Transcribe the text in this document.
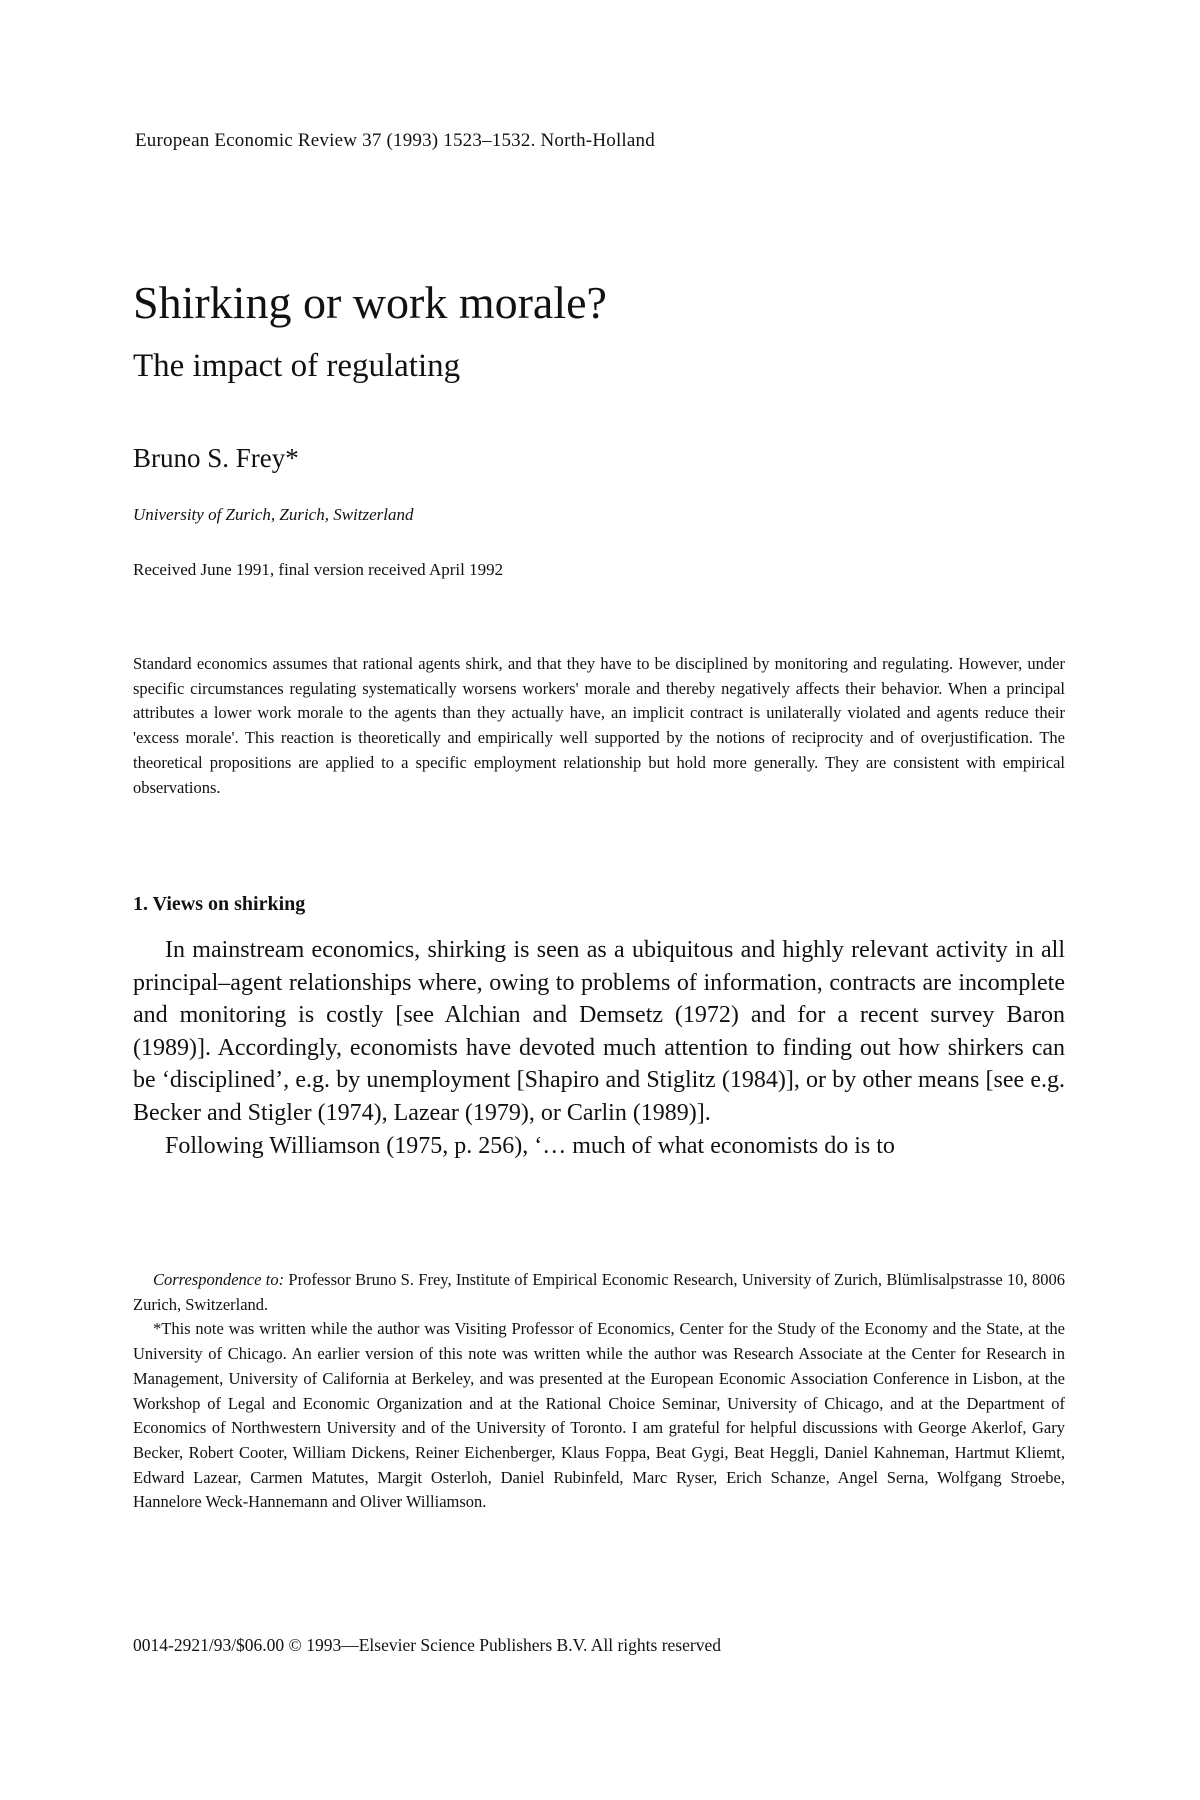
European Economic Review 37 (1993) 1523–1532. North-Holland
Shirking or work morale?
The impact of regulating
Bruno S. Frey*
University of Zurich, Zurich, Switzerland
Received June 1991, final version received April 1992

Standard economics assumes that rational agents shirk, and that they have to be disciplined by monitoring and regulating. However, under specific circumstances regulating systematically worsens workers' morale and thereby negatively affects their behavior. When a principal attributes a lower work morale to the agents than they actually have, an implicit contract is unilaterally violated and agents reduce their 'excess morale'. This reaction is theoretically and empirically well supported by the notions of reciprocity and of overjustification. The theoretical propositions are applied to a specific employment relationship but hold more generally. They are consistent with empirical observations.

1. Views on shirking

In mainstream economics, shirking is seen as a ubiquitous and highly relevant activity in all principal–agent relationships where, owing to problems of information, contracts are incomplete and monitoring is costly [see Alchian and Demsetz (1972) and for a recent survey Baron (1989)]. Accordingly, economists have devoted much attention to finding out how shirkers can be ‘disciplined’, e.g. by unemployment [Shapiro and Stiglitz (1984)], or by other means [see e.g. Becker and Stigler (1974), Lazear (1979), or Carlin (1989)].

Following Williamson (1975, p. 256), ‘… much of what economists do is to

Correspondence to: Professor Bruno S. Frey, Institute of Empirical Economic Research, University of Zurich, Blümlisalpstrasse 10, 8006 Zurich, Switzerland.

*This note was written while the author was Visiting Professor of Economics, Center for the Study of the Economy and the State, at the University of Chicago. An earlier version of this note was written while the author was Research Associate at the Center for Research in Management, University of California at Berkeley, and was presented at the European Economic Association Conference in Lisbon, at the Workshop of Legal and Economic Organization and at the Rational Choice Seminar, University of Chicago, and at the Department of Economics of Northwestern University and of the University of Toronto. I am grateful for helpful discussions with George Akerlof, Gary Becker, Robert Cooter, William Dickens, Reiner Eichenberger, Klaus Foppa, Beat Gygi, Beat Heggli, Daniel Kahneman, Hartmut Kliemt, Edward Lazear, Carmen Matutes, Margit Osterloh, Daniel Rubinfeld, Marc Ryser, Erich Schanze, Angel Serna, Wolfgang Stroebe, Hannelore Weck-Hannemann and Oliver Williamson.

0014-2921/93/$06.00 © 1993—Elsevier Science Publishers B.V. All rights reserved
